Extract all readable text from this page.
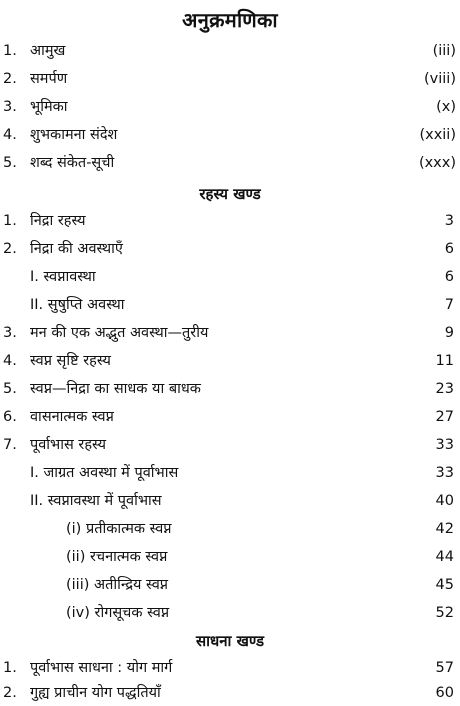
अनुक्रमणिका
1. आमुख	(iii)
2. समर्पण	(viii)
3. भूमिका	(x)
4. शुभकामना संदेश	(xxii)
5. शब्द संकेत-सूची	(xxx)
रहस्य खण्ड
1. निद्रा रहस्य	3
2. निद्रा की अवस्थाएँ	6
I. स्वप्नावस्था	6
II. सुषुप्ति अवस्था	7
3. मन की एक अद्भुत अवस्था—तुरीय	9
4. स्वप्न सृष्टि रहस्य	11
5. स्वप्न—निद्रा का साधक या बाधक	23
6. वासनात्मक स्वप्न	27
7. पूर्वाभास रहस्य	33
I. जाग्रत अवस्था में पूर्वाभास	33
II. स्वप्नावस्था में पूर्वाभास	40
(i) प्रतीकात्मक स्वप्न	42
(ii) रचनात्मक स्वप्न	44
(iii) अतीन्द्रिय स्वप्न	45
(iv) रोगसूचक स्वप्न	52
साधना खण्ड
1. पूर्वाभास साधना : योग मार्ग	57
2. गुह्य प्राचीन योग पद्धतियाँ	60
